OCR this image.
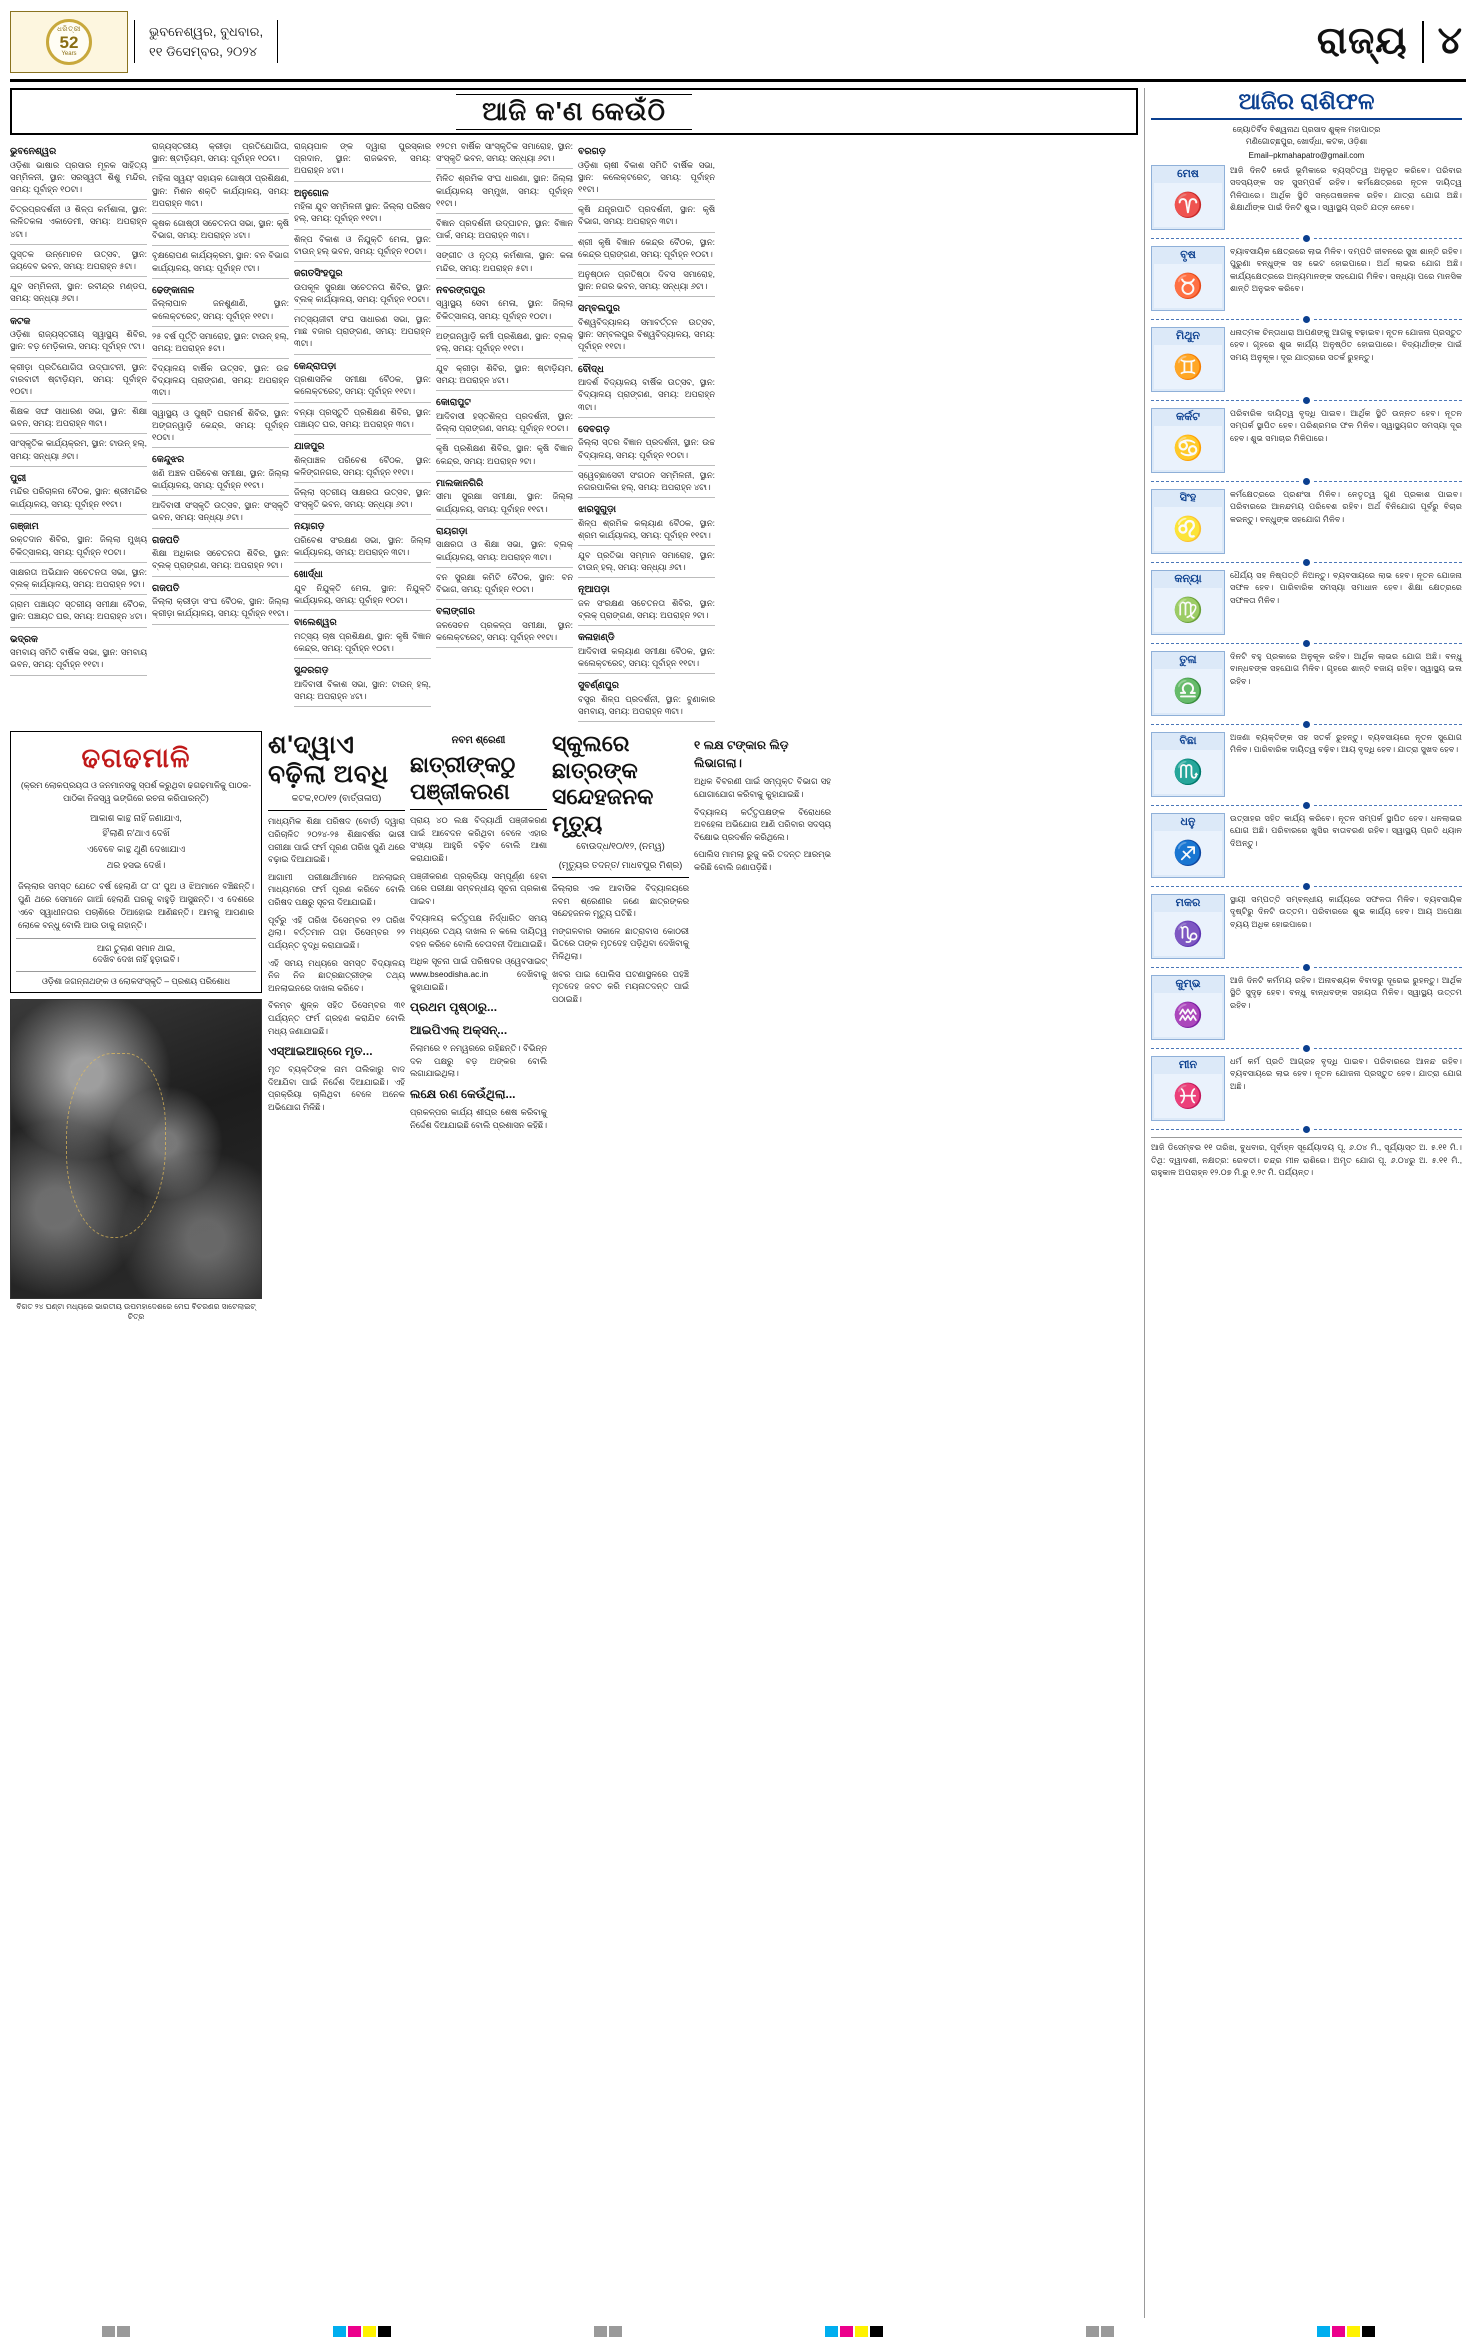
ଧରିତ୍ରୀ
52
Years
ଭୁବନେଶ୍ୱର, ବୁଧବାର,
୧୧ ଡିସେମ୍ବର, ୨୦୨୪	ରାଜ୍ୟ ୪
ଆଜି କ'ଣ କେଉଁଠି
ଭୁବନେଶ୍ୱର

ଓଡ଼ିଶା ଭାଷାର ପ୍ରସାର ମୂଳକ ସାହିତ୍ୟ ସମ୍ମିଳନୀ, ସ୍ଥାନ: ସରସ୍ୱତୀ ଶିଶୁ ମନ୍ଦିର, ସମୟ: ପୂର୍ବାହ୍ନ ୧୦ଟା।

ଚିତ୍ରପ୍ରଦର୍ଶନୀ ଓ ଶିଳ୍ପ କର୍ମଶାଳା, ସ୍ଥାନ: ଲଳିତକଳା ଏକାଡେମୀ, ସମୟ: ଅପରାହ୍ନ ୪ଟା।

ପୁସ୍ତକ ଉନ୍ମୋଚନ ଉତ୍ସବ, ସ୍ଥାନ: ଜୟଦେବ ଭବନ, ସମୟ: ଅପରାହ୍ନ ୫ଟା।

ଯୁବ ସମ୍ମିଳନୀ, ସ୍ଥାନ: ରବୀନ୍ଦ୍ର ମଣ୍ଡପ, ସମୟ: ସନ୍ଧ୍ୟା ୬ଟା।

କଟକ

ଓଡ଼ିଶା ରାଜ୍ୟସ୍ତରୀୟ ସ୍ୱାସ୍ଥ୍ୟ ଶିବିର, ସ୍ଥାନ: ବଡ଼ ମେଡ଼ିକାଲ, ସମୟ: ପୂର୍ବାହ୍ନ ୯ଟା।

କ୍ରୀଡ଼ା ପ୍ରତିଯୋଗିତା ଉଦ୍‌ଘାଟନୀ, ସ୍ଥାନ: ବାରବାଟୀ ଷ୍ଟାଡ଼ିୟମ, ସମୟ: ପୂର୍ବାହ୍ନ ୧୦ଟା।

ଶିକ୍ଷକ ସଙ୍ଘ ସାଧାରଣ ସଭା, ସ୍ଥାନ: ଶିକ୍ଷା ଭବନ, ସମୟ: ଅପରାହ୍ନ ୩ଟା।

ସାଂସ୍କୃତିକ କାର୍ଯ୍ୟକ୍ରମ, ସ୍ଥାନ: ଟାଉନ୍ ହଲ୍, ସମୟ: ସନ୍ଧ୍ୟା ୬ଟା।

ପୁରୀ

ମନ୍ଦିର ପରିଚାଳନା ବୈଠକ, ସ୍ଥାନ: ଶ୍ରୀମନ୍ଦିର କାର୍ଯ୍ୟାଳୟ, ସମୟ: ପୂର୍ବାହ୍ନ ୧୧ଟା।

ଗଞ୍ଜାମ

ରକ୍ତଦାନ ଶିବିର, ସ୍ଥାନ: ଜିଲ୍ଲା ମୁଖ୍ୟ ଚିକିତ୍ସାଳୟ, ସମୟ: ପୂର୍ବାହ୍ନ ୧୦ଟା।

ସାକ୍ଷରତା ଅଭିଯାନ ସଚେତନତା ସଭା, ସ୍ଥାନ: ବ୍ଲକ୍ କାର୍ଯ୍ୟାଳୟ, ସମୟ: ଅପରାହ୍ନ ୨ଟା।

ଗ୍ରାମ ପଞ୍ଚାୟତ ସ୍ତରୀୟ ସମୀକ୍ଷା ବୈଠକ, ସ୍ଥାନ: ପଞ୍ଚାୟତ ଘର, ସମୟ: ଅପରାହ୍ନ ୪ଟା।

ଭଦ୍ରକ

ସମବାୟ ସମିତି ବାର୍ଷିକ ସଭା, ସ୍ଥାନ: ସମବାୟ ଭବନ, ସମୟ: ପୂର୍ବାହ୍ନ ୧୧ଟା।

ରାଜ୍ୟସ୍ତରୀୟ କ୍ରୀଡ଼ା ପ୍ରତିଯୋଗିତା, ସ୍ଥାନ: ଷ୍ଟାଡ଼ିୟମ, ସମୟ: ପୂର୍ବାହ୍ନ ୧୦ଟା।

ମହିଳା ସ୍ୱୟଂ ସହାୟକ ଗୋଷ୍ଠୀ ପ୍ରଶିକ୍ଷଣ, ସ୍ଥାନ: ମିଶନ ଶକ୍ତି କାର୍ଯ୍ୟାଳୟ, ସମୟ: ଅପରାହ୍ନ ୩ଟା।

କୃଷକ ଗୋଷ୍ଠୀ ସଚେତନତା ସଭା, ସ୍ଥାନ: କୃଷି ବିଭାଗ, ସମୟ: ଅପରାହ୍ନ ୪ଟା।

ବୃକ୍ଷରୋପଣ କାର୍ଯ୍ୟକ୍ରମ, ସ୍ଥାନ: ବନ ବିଭାଗ କାର୍ଯ୍ୟାଳୟ, ସମୟ: ପୂର୍ବାହ୍ନ ୯ଟା।

ଢେଙ୍କାନାଳ

ଜିଲ୍ଲାପାଳ ଜନଶୁଣାଣି, ସ୍ଥାନ: କଲେକ୍ଟରେଟ୍, ସମୟ: ପୂର୍ବାହ୍ନ ୧୧ଟା।

୨୫ ବର୍ଷ ପୂର୍ତ୍ତି ସମାରୋହ, ସ୍ଥାନ: ଟାଉନ୍ ହଲ୍, ସମୟ: ଅପରାହ୍ନ ୫ଟା।

ବିଦ୍ୟାଳୟ ବାର୍ଷିକ ଉତ୍ସବ, ସ୍ଥାନ: ଉଚ୍ଚ ବିଦ୍ୟାଳୟ ପ୍ରାଙ୍ଗଣ, ସମୟ: ଅପରାହ୍ନ ୩ଟା।

ସ୍ୱାସ୍ଥ୍ୟ ଓ ପୁଷ୍ଟି ପରାମର୍ଶ ଶିବିର, ସ୍ଥାନ: ଅଙ୍ଗନୱାଡ଼ି କେନ୍ଦ୍ର, ସମୟ: ପୂର୍ବାହ୍ନ ୧୦ଟା।

କେନ୍ଦୁଝର

ଖଣି ଅଞ୍ଚଳ ପରିବେଶ ସମୀକ୍ଷା, ସ୍ଥାନ: ଜିଲ୍ଲା କାର୍ଯ୍ୟାଳୟ, ସମୟ: ପୂର୍ବାହ୍ନ ୧୧ଟା।

ଆଦିବାସୀ ସଂସ୍କୃତି ଉତ୍ସବ, ସ୍ଥାନ: ସଂସ୍କୃତି ଭବନ, ସମୟ: ସନ୍ଧ୍ୟା ୬ଟା।

ଗଜପତି

ଶିକ୍ଷା ଅଧିକାର ସଚେତନତା ଶିବିର, ସ୍ଥାନ: ବ୍ଲକ୍ ପ୍ରାଙ୍ଗଣ, ସମୟ: ଅପରାହ୍ନ ୨ଟା।

ଗଜପତି

ଜିଲ୍ଲା କ୍ରୀଡ଼ା ସଂଘ ବୈଠକ, ସ୍ଥାନ: ଜିଲ୍ଲା କ୍ରୀଡ଼ା କାର୍ଯ୍ୟାଳୟ, ସମୟ: ପୂର୍ବାହ୍ନ ୧୧ଟା।

ରାଜ୍ୟପାଳ ଙ୍କ ଦ୍ୱାରା ପୁରସ୍କାର ପ୍ରଦାନ, ସ୍ଥାନ: ରାଜଭବନ, ସମୟ: ଅପରାହ୍ନ ୪ଟା।

ଅନୁଗୋଳ

ମହିଳା ଯୁବ ସମ୍ମିଳନୀ ସ୍ଥାନ: ଜିଲ୍ଲା ପରିଷଦ ହଲ୍, ସମୟ: ପୂର୍ବାହ୍ନ ୧୧ଟା।

ଶିଳ୍ପ ବିକାଶ ଓ ନିଯୁକ୍ତି ମେଳା, ସ୍ଥାନ: ଟାଉନ୍ ହଲ୍ ଭବନ, ସମୟ: ପୂର୍ବାହ୍ନ ୧୦ଟା।

ଜଗତସିଂହପୁର

ଉପକୂଳ ସୁରକ୍ଷା ସଚେତନତା ଶିବିର, ସ୍ଥାନ: ବ୍ଲକ୍ କାର୍ଯ୍ୟାଳୟ, ସମୟ: ପୂର୍ବାହ୍ନ ୧୦ଟା।

ମତ୍ସ୍ୟଜୀବୀ ସଂଘ ସାଧାରଣ ସଭା, ସ୍ଥାନ: ମାଛ ବଜାର ପ୍ରାଙ୍ଗଣ, ସମୟ: ଅପରାହ୍ନ ୩ଟା।

କେନ୍ଦ୍ରାପଡ଼ା

ପ୍ରଶାସନିକ ସମୀକ୍ଷା ବୈଠକ, ସ୍ଥାନ: କଲେକ୍ଟରେଟ୍, ସମୟ: ପୂର୍ବାହ୍ନ ୧୧ଟା।

ବନ୍ୟା ପ୍ରସ୍ତୁତି ପ୍ରଶିକ୍ଷଣ ଶିବିର, ସ୍ଥାନ: ପଞ୍ଚାୟତ ଘର, ସମୟ: ଅପରାହ୍ନ ୩ଟା।

ଯାଜପୁର

ଶିଳ୍ପାଞ୍ଚଳ ପରିବେଶ ବୈଠକ, ସ୍ଥାନ: କଳିଙ୍ଗନଗର, ସମୟ: ପୂର୍ବାହ୍ନ ୧୧ଟା।

ଜିଲ୍ଲା ସ୍ତରୀୟ ସାକ୍ଷରତା ଉତ୍ସବ, ସ୍ଥାନ: ସଂସ୍କୃତି ଭବନ, ସମୟ: ସନ୍ଧ୍ୟା ୬ଟା।

ନୟାଗଡ଼

ପରିବେଶ ସଂରକ୍ଷଣ ସଭା, ସ୍ଥାନ: ଜିଲ୍ଲା କାର୍ଯ୍ୟାଳୟ, ସମୟ: ଅପରାହ୍ନ ୩ଟା।

ଖୋର୍ଦ୍ଧା

ଯୁବ ନିଯୁକ୍ତି ମେଳା, ସ୍ଥାନ: ନିଯୁକ୍ତି କାର୍ଯ୍ୟାଳୟ, ସମୟ: ପୂର୍ବାହ୍ନ ୧୦ଟା।

ବାଲେଶ୍ୱର

ମତ୍ସ୍ୟ ଚାଷ ପ୍ରଶିକ୍ଷଣ, ସ୍ଥାନ: କୃଷି ବିଜ୍ଞାନ କେନ୍ଦ୍ର, ସମୟ: ପୂର୍ବାହ୍ନ ୧୦ଟା।

ସୁନ୍ଦରଗଡ଼

ଆଦିବାସୀ ବିକାଶ ସଭା, ସ୍ଥାନ: ଟାଉନ୍ ହଲ୍, ସମୟ: ଅପରାହ୍ନ ୪ଟା।

୧୨ତମ ବାର୍ଷିକ ସାଂସ୍କୃତିକ ସମାରୋହ, ସ୍ଥାନ: ସଂସ୍କୃତି ଭବନ, ସମୟ: ସନ୍ଧ୍ୟା ୬ଟା।

ମିଳିତ ଶ୍ରମିକ ସଂଘ ଧାରଣା, ସ୍ଥାନ: ଜିଲ୍ଲା କାର୍ଯ୍ୟାଳୟ ସମ୍ମୁଖ, ସମୟ: ପୂର୍ବାହ୍ନ ୧୧ଟା।

ବିଜ୍ଞାନ ପ୍ରଦର୍ଶନୀ ଉଦ୍‌ଘାଟନ, ସ୍ଥାନ: ବିଜ୍ଞାନ ପାର୍କ, ସମୟ: ଅପରାହ୍ନ ୩ଟା।

ସଙ୍ଗୀତ ଓ ନୃତ୍ୟ କର୍ମଶାଳା, ସ୍ଥାନ: କଳା ମନ୍ଦିର, ସମୟ: ଅପରାହ୍ନ ୫ଟା।

ନବରଙ୍ଗପୁର

ସ୍ୱାସ୍ଥ୍ୟ ସେବା ମେଳା, ସ୍ଥାନ: ଜିଲ୍ଲା ଚିକିତ୍ସାଳୟ, ସମୟ: ପୂର୍ବାହ୍ନ ୧୦ଟା।

ଅଙ୍ଗନୱାଡ଼ି କର୍ମୀ ପ୍ରଶିକ୍ଷଣ, ସ୍ଥାନ: ବ୍ଲକ୍ ହଲ୍, ସମୟ: ପୂର୍ବାହ୍ନ ୧୧ଟା।

ଯୁବ କ୍ରୀଡ଼ା ଶିବିର, ସ୍ଥାନ: ଷ୍ଟାଡ଼ିୟମ, ସମୟ: ଅପରାହ୍ନ ୪ଟା।

କୋରାପୁଟ

ଆଦିବାସୀ ହସ୍ତଶିଳ୍ପ ପ୍ରଦର୍ଶନୀ, ସ୍ଥାନ: ଜିଲ୍ଲା ପ୍ରାଙ୍ଗଣ, ସମୟ: ପୂର୍ବାହ୍ନ ୧୦ଟା।

କୃଷି ପ୍ରଶିକ୍ଷଣ ଶିବିର, ସ୍ଥାନ: କୃଷି ବିଜ୍ଞାନ କେନ୍ଦ୍ର, ସମୟ: ଅପରାହ୍ନ ୨ଟା।

ମାଲକାନଗିରି

ସୀମା ସୁରକ୍ଷା ସମୀକ୍ଷା, ସ୍ଥାନ: ଜିଲ୍ଲା କାର୍ଯ୍ୟାଳୟ, ସମୟ: ପୂର୍ବାହ୍ନ ୧୧ଟା।

ରାୟଗଡ଼ା

ସାକ୍ଷରତା ଓ ଶିକ୍ଷା ସଭା, ସ୍ଥାନ: ବ୍ଲକ୍ କାର୍ଯ୍ୟାଳୟ, ସମୟ: ଅପରାହ୍ନ ୩ଟା।

ବନ ସୁରକ୍ଷା କମିଟି ବୈଠକ, ସ୍ଥାନ: ବନ ବିଭାଗ, ସମୟ: ପୂର୍ବାହ୍ନ ୧୦ଟା।

ବଲାଙ୍ଗୀର

ଜଳସେଚନ ପ୍ରକଳ୍ପ ସମୀକ୍ଷା, ସ୍ଥାନ: କଲେକ୍ଟରେଟ୍, ସମୟ: ପୂର୍ବାହ୍ନ ୧୧ଟା।

ବରଗଡ଼

ଓଡ଼ିଶା ଚାଷୀ ବିକାଶ ସମିତି ବାର୍ଷିକ ସଭା, ସ୍ଥାନ: କଲେକ୍ଟରେଟ୍, ସମୟ: ପୂର୍ବାହ୍ନ ୧୧ଟା।

କୃଷି ଯନ୍ତ୍ରପାତି ପ୍ରଦର୍ଶନୀ, ସ୍ଥାନ: କୃଷି ବିଭାଗ, ସମୟ: ଅପରାହ୍ନ ୩ଟା।

ଶ୍ରୀ କୃଷି ବିଜ୍ଞାନ କେନ୍ଦ୍ର ବୈଠକ, ସ୍ଥାନ: କେନ୍ଦ୍ର ପ୍ରାଙ୍ଗଣ, ସମୟ: ପୂର୍ବାହ୍ନ ୧୦ଟା।

ଅନୁଷ୍ଠାନ ପ୍ରତିଷ୍ଠା ଦିବସ ସମାରୋହ, ସ୍ଥାନ: ନଗର ଭବନ, ସମୟ: ସନ୍ଧ୍ୟା ୬ଟା।

ସମ୍ବଲପୁର

ବିଶ୍ୱବିଦ୍ୟାଳୟ ସମାବର୍ତ୍ତନ ଉତ୍ସବ, ସ୍ଥାନ: ସମ୍ବଲପୁର ବିଶ୍ୱବିଦ୍ୟାଳୟ, ସମୟ: ପୂର୍ବାହ୍ନ ୧୧ଟା।

ବୌଦ୍ଧ

ଆଦର୍ଶ ବିଦ୍ୟାଳୟ ବାର୍ଷିକ ଉତ୍ସବ, ସ୍ଥାନ: ବିଦ୍ୟାଳୟ ପ୍ରାଙ୍ଗଣ, ସମୟ: ଅପରାହ୍ନ ୩ଟା।

ଦେବଗଡ଼

ଜିଲ୍ଲା ସ୍ତର ବିଜ୍ଞାନ ପ୍ରଦର୍ଶନୀ, ସ୍ଥାନ: ଉଚ୍ଚ ବିଦ୍ୟାଳୟ, ସମୟ: ପୂର୍ବାହ୍ନ ୧୦ଟା।

ସ୍ୱେଚ୍ଛାସେବୀ ସଂଗଠନ ସମ୍ମିଳନୀ, ସ୍ଥାନ: ନଗରପାଳିକା ହଲ୍, ସମୟ: ଅପରାହ୍ନ ୪ଟା।

ଝାରସୁଗୁଡ଼ା

ଶିଳ୍ପ ଶ୍ରମିକ କଲ୍ୟାଣ ବୈଠକ, ସ୍ଥାନ: ଶ୍ରମ କାର୍ଯ୍ୟାଳୟ, ସମୟ: ପୂର୍ବାହ୍ନ ୧୧ଟା।

ଯୁବ ପ୍ରତିଭା ସମ୍ମାନ ସମାରୋହ, ସ୍ଥାନ: ଟାଉନ୍ ହଲ୍, ସମୟ: ସନ୍ଧ୍ୟା ୬ଟା।

ନୂଆପଡ଼ା

ଜଳ ସଂରକ୍ଷଣ ସଚେତନତା ଶିବିର, ସ୍ଥାନ: ବ୍ଲକ୍ ପ୍ରାଙ୍ଗଣ, ସମୟ: ଅପରାହ୍ନ ୨ଟା।

କଳାହାଣ୍ଡି

ଆଦିବାସୀ କଲ୍ୟାଣ ସମୀକ୍ଷା ବୈଠକ, ସ୍ଥାନ: କଲେକ୍ଟରେଟ୍, ସମୟ: ପୂର୍ବାହ୍ନ ୧୧ଟା।

ସୁବର୍ଣ୍ଣପୁର

ବସ୍ତ୍ର ଶିଳ୍ପ ପ୍ରଦର୍ଶନୀ, ସ୍ଥାନ: ବୁଣାକାର ସମବାୟ, ସମୟ: ଅପରାହ୍ନ ୩ଟା।

ଢଗଢମାଳି
(କ୍ରମ ଲୋକପ୍ରୟତା ଓ ଜନମାନସକୁ ସ୍ପର୍ଶ କରୁଥିବା ଢଗଢମାଳିକୁ ପାଠକ-ପାଠିକା ନିଜସ୍ୱ ଭଙ୍ଗିରେ ରଚନା କରିପାରନ୍ତି)
ଆକାଶ କାନ୍ଥ ନାହିଁ ଜଣାଯାଏ,
ହିଁ'ଲାଣି ନ'ଥାଏ ଦେଖିଁ
ଏବେବେ କାନ୍ଥ ଥୁଣି ଦେଖାଯାଏ
ଥର ହସଇ ଦେଖଁ।
ଜିଲ୍ଲାର ସମସ୍ତ ଯେତେ ବର୍ଷ ହେଲାଣି ତା' ତା' ପୁଅ ଓ ଝିଅମାନେ ବଞ୍ଚିଛନ୍ତି। ପୁଣି ଥରେ ସେମାନେ ଗାଆଁ ହେଲାଣି ଘରକୁ ବାହୁଡ଼ି ଆସୁଛନ୍ତି। ଏ ଦେଶରେ ଏବେ ସ୍ୱାଧୀନତାର ପଚାଶିରେ ଠିଆହୋଇ ଆଣିଛନ୍ତି। ଆମକୁ ଆପଣାର ଲୋକେ ବନ୍ଧୁ ବୋଲି ଆଉ ଡାକୁ ନାହାନ୍ତି।
ଆଗ ତୁଲାଣ ସମାନ ଥାଇ,
ଦେଖିବ ଦେଖ ନାହିଁ ହୁଡ଼ାଇବି।
ଓଡ଼ିଶା ଜଗନ୍ନାଥଙ୍କ ଓ ଲୋକସଂସ୍କୃତି – ପ୍ରଶୟ ପରିଶୋଧ
ବିଗତ ୨୪ ଘଣ୍ଟା ମଧ୍ୟରେ ଭାରତୀୟ ଉପମହାଦେଶରେ ମେଘ ବିଚରଣର ସାଟେଲାଇଟ୍ ଚିତ୍ର
ଶ'ଦ୍ୱାଏ ବଢ଼ିଲା ଅବଧି
କଟକ,୧୦/୧୨ (ବାର୍ତ୍ତାଳାପ)

ମାଧ୍ୟମିକ ଶିକ୍ଷା ପରିଷଦ (ବୋର୍ଡ) ଦ୍ୱାରା ପରିଚାଳିତ ୨୦୨୪-୨୫ ଶିକ୍ଷାବର୍ଷର ଭାରୀ ପରୀକ୍ଷା ପାଇଁ ଫର୍ମ ପୂରଣ ତାରିଖ ପୁଣି ଥରେ ବଢ଼ାଇ ଦିଆଯାଇଛି।

ଆଗାମୀ ପରୀକ୍ଷାର୍ଥୀମାନେ ଅନଲାଇନ୍ ମାଧ୍ୟମରେ ଫର୍ମ ପୂରଣ କରିବେ ବୋଲି ପରିଷଦ ପକ୍ଷରୁ ସୂଚନା ଦିଆଯାଇଛି।

ପୂର୍ବରୁ ଏହି ତାରିଖ ଡିସେମ୍ବର ୧୨ ତାରିଖ ଥିଲା। ବର୍ତ୍ତମାନ ତାହା ଡିସେମ୍ବର ୨୨ ପର୍ଯ୍ୟନ୍ତ ବୃଦ୍ଧି କରାଯାଇଛି।

ଏହି ସମୟ ମଧ୍ୟରେ ସମସ୍ତ ବିଦ୍ୟାଳୟ ନିଜ ନିଜ ଛାତ୍ରଛାତ୍ରୀଙ୍କ ତଥ୍ୟ ଅନଲାଇନରେ ଦାଖଲ କରିବେ।

ବିଳମ୍ବ ଶୁଳ୍କ ସହିତ ଡିସେମ୍ବର ୩୧ ପର୍ଯ୍ୟନ୍ତ ଫର୍ମ ଗ୍ରହଣ କରାଯିବ ବୋଲି ମଧ୍ୟ ଜଣାଯାଇଛି।

ଏସ୍‌ଆଇଆର୍‌ରେ ମୃତ...

ମୃତ ବ୍ୟକ୍ତିଙ୍କ ନାମ ତାଲିକାରୁ ବାଦ ଦିଆଯିବା ପାଇଁ ନିର୍ଦ୍ଦେଶ ଦିଆଯାଇଛି। ଏହି ପ୍ରକ୍ରିୟା ଚାଲିଥିବା ବେଳେ ଅନେକ ଅଭିଯୋଗ ମିଳିଛି।

ନବମ ଶ୍ରେଣୀ
ଛାତ୍ରୀଙ୍କଠୁ ପଞ୍ଜୀକରଣ

ପ୍ରାୟ ୪୦ ଲକ୍ଷ ବିଦ୍ୟାର୍ଥୀ ପଞ୍ଜୀକରଣ ପାଇଁ ଆବେଦନ କରିଥିବା ବେଳେ ଏହାର ସଂଖ୍ୟା ଆହୁରି ବଢ଼ିବ ବୋଲି ଆଶା କରାଯାଉଛି।

ପଞ୍ଜୀକରଣ ପ୍ରକ୍ରିୟା ସମ୍ପୂର୍ଣ୍ଣ ହେବା ପରେ ପରୀକ୍ଷା ସମ୍ବନ୍ଧୀୟ ସୂଚନା ପ୍ରକାଶ ପାଇବ।

ବିଦ୍ୟାଳୟ କର୍ତ୍ତୃପକ୍ଷ ନିର୍ଦ୍ଧାରିତ ସମୟ ମଧ୍ୟରେ ତଥ୍ୟ ଦାଖଲ ନ କଲେ ଦାୟିତ୍ୱ ବହନ କରିବେ ବୋଲି ଚେତାବନୀ ଦିଆଯାଇଛି।

ଅଧିକ ସୂଚନା ପାଇଁ ପରିଷଦର ଓ୍ୱେବସାଇଟ୍ www.bseodisha.ac.in ଦେଖିବାକୁ କୁହାଯାଇଛି।

ପ୍ରଥମ ପୃଷ୍ଠାରୁ...
ଆଇପିଏଲ୍‌ ଅକ୍ସନ୍...

ନିଲାମରେ ୧ ନମ୍ୱରରେ ରହିଛନ୍ତି। ବିଭିନ୍ନ ଦଳ ପକ୍ଷରୁ ବଡ଼ ଅଙ୍କର ବୋଲି ଲଗାଯାଇଥିଲା।

ଲକ୍ଷେ ରଣ କେଉଁଥିଲା...

ପ୍ରକଳ୍ପର କାର୍ଯ୍ୟ ଶୀଘ୍ର ଶେଷ କରିବାକୁ ନିର୍ଦ୍ଦେଶ ଦିଆଯାଇଛି ବୋଲି ପ୍ରଶାସନ କହିଛି।

ସ୍କୁଲରେ ଛାତ୍ରଙ୍କ ସନ୍ଦେହଜନକ ମୃତ୍ୟୁ
ବୋଉଦ୍ଧ/୧୦/୧୨, (ନମ୍ୱ)
(ମୃତ୍ୟୁର ତଦନ୍ତ/ ମାଧବପୁର ମିଶ୍ର)

ଜିଲ୍ଲାର ଏକ ଆବାସିକ ବିଦ୍ୟାଳୟରେ ନବମ ଶ୍ରେଣୀର ଜଣେ ଛାତ୍ରଙ୍କର ସନ୍ଦେହଜନକ ମୃତ୍ୟୁ ଘଟିଛି।

ମଙ୍ଗଳବାର ସକାଳେ ଛାତ୍ରାବାସ କୋଠରୀ ଭିତରେ ତାଙ୍କ ମୃତଦେହ ପଡ଼ିଥିବା ଦେଖିବାକୁ ମିଳିଥିଲା।

ଖବର ପାଇ ପୋଲିସ ଘଟଣାସ୍ଥଳରେ ପହଞ୍ଚି ମୃତଦେହ ଜବତ କରି ମୟନାତଦନ୍ତ ପାଇଁ ପଠାଇଛି।

୧ ଲକ୍ଷ ଟଙ୍କାର ଲିଡ଼ ଲିଭାଗଲା।

ଅଧିକ ବିବରଣୀ ପାଇଁ ସମ୍ପୃକ୍ତ ବିଭାଗ ସହ ଯୋଗାଯୋଗ କରିବାକୁ କୁହାଯାଇଛି।

ବିଦ୍ୟାଳୟ କର୍ତ୍ତୃପକ୍ଷଙ୍କ ବିରୋଧରେ ଅବହେଳା ଅଭିଯୋଗ ଆଣି ପରିବାର ସଦସ୍ୟ ବିକ୍ଷୋଭ ପ୍ରଦର୍ଶନ କରିଥିଲେ।

ପୋଲିସ ମାମଲା ରୁଜୁ କରି ତଦନ୍ତ ଆରମ୍ଭ କରିଛି ବୋଲି ଜଣାପଡ଼ିଛି।

ଆଜିର ରାଶିଫଳ
ଜ୍ୟୋତିର୍ବିଦ ବିଶ୍ୱନାଥ ପ୍ରସାଦ ଶୁକ୍ଳ ମହାପାତ୍ର
ମଣିଗୋଚ୍ଛପୁର, ଖୋର୍ଦ୍ଧା, କଟକ, ଓଡ଼ିଶା
Email–pkmahapatro@gmail.com
ମେଷ
♈
ଆଜି ଦିନଟି କେଉଁ ଭୂମିକାରେ ବ୍ୟସ୍ତିତ୍ୱ ଅନୁଭୂତ କରିବେ। ପରିବାର ସଦସ୍ୟଙ୍କ ସହ ସୁସମ୍ପର୍କ ରହିବ। କର୍ମକ୍ଷେତ୍ରରେ ନୂତନ ଦାୟିତ୍ୱ ମିଳିପାରେ। ଆର୍ଥିକ ସ୍ଥିତି ସନ୍ତୋଷଜନକ ରହିବ। ଯାତ୍ରା ଯୋଗ ଅଛି। ଶିକ୍ଷାର୍ଥୀଙ୍କ ପାଇଁ ଦିନଟି ଶୁଭ। ସ୍ୱାସ୍ଥ୍ୟ ପ୍ରତି ଯତ୍ନ ନେବେ।
ବୃଷ
♉
ବ୍ୟାବସାୟିକ କ୍ଷେତ୍ରରେ ଲାଭ ମିଳିବ। ଦମ୍ପତି ଜୀବନରେ ସୁଖ ଶାନ୍ତି ରହିବ। ପୁରୁଣା ବନ୍ଧୁଙ୍କ ସହ ଭେଟ ହୋଇପାରେ। ଅର୍ଥ ଲାଭର ଯୋଗ ଅଛି। କାର୍ଯ୍ୟକ୍ଷେତ୍ରରେ ଅନ୍ୟମାନଙ୍କ ସହଯୋଗ ମିଳିବ। ସନ୍ଧ୍ୟା ପରେ ମାନସିକ ଶାନ୍ତି ଅନୁଭବ କରିବେ।
ମିଥୁନ
♊
ଧନାତ୍ମକ ଚିନ୍ତାଧାରା ଆପଣଙ୍କୁ ଆଗକୁ ବଢ଼ାଇବ। ନୂତନ ଯୋଜନା ପ୍ରସ୍ତୁତ ହେବ। ଗୃହରେ ଶୁଭ କାର୍ଯ୍ୟ ଅନୁଷ୍ଠିତ ହୋଇପାରେ। ବିଦ୍ୟାର୍ଥୀଙ୍କ ପାଇଁ ସମୟ ଅନୁକୂଳ। ଦୂର ଯାତ୍ରାରେ ସତର୍କ ରୁହନ୍ତୁ।
କର୍କଟ
♋
ପରିବାରିକ ଦାୟିତ୍ୱ ବୃଦ୍ଧି ପାଇବ। ଆର୍ଥିକ ସ୍ଥିତି ଉନ୍ନତ ହେବ। ନୂତନ ସମ୍ପର୍କ ସ୍ଥାପିତ ହେବ। ପରିଶ୍ରମର ଫଳ ମିଳିବ। ସ୍ୱାସ୍ଥ୍ୟଗତ ସମସ୍ୟା ଦୂର ହେବ। ଶୁଭ ସମାଚାର ମିଳିପାରେ।
ସିଂହ
♌
କର୍ମକ୍ଷେତ୍ରରେ ପ୍ରଶଂସା ମିଳିବ। ନେତୃତ୍ୱ ଗୁଣ ପ୍ରକାଶ ପାଇବ। ପରିବାରରେ ଆନନ୍ଦମୟ ପରିବେଶ ରହିବ। ଅର୍ଥ ବିନିଯୋଗ ପୂର୍ବରୁ ବିଚାର କରନ୍ତୁ। ବନ୍ଧୁଙ୍କ ସହଯୋଗ ମିଳିବ।
କନ୍ୟା
♍
ଧୈର୍ଯ୍ୟ ସହ ନିଷ୍ପତ୍ତି ନିଅନ୍ତୁ। ବ୍ୟବସାୟରେ ଲାଭ ହେବ। ନୂତନ ଯୋଜନା ସଫଳ ହେବ। ପାରିବାରିକ ସମସ୍ୟା ସମାଧାନ ହେବ। ଶିକ୍ଷା କ୍ଷେତ୍ରରେ ସଫଳତା ମିଳିବ।
ତୁଳା
♎
ଦିନଟି ବହୁ ପ୍ରକାରେ ଅନୁକୂଳ ରହିବ। ଆର୍ଥିକ ଲାଭର ଯୋଗ ଅଛି। ବନ୍ଧୁ ବାନ୍ଧବଙ୍କ ସହଯୋଗ ମିଳିବ। ଗୃହରେ ଶାନ୍ତି ବଜାୟ ରହିବ। ସ୍ୱାସ୍ଥ୍ୟ ଭଲ ରହିବ।
ବିଛା
♏
ଅଜଣା ବ୍ୟକ୍ତିଙ୍କ ସହ ସତର୍କ ରୁହନ୍ତୁ। ବ୍ୟବସାୟରେ ନୂତନ ସୁଯୋଗ ମିଳିବ। ପାରିବାରିକ ଦାୟିତ୍ୱ ବଢ଼ିବ। ଆୟ ବୃଦ୍ଧି ହେବ। ଯାତ୍ରା ସୁଖଦ ହେବ।
ଧନୁ
♐
ଉତ୍ସାହର ସହିତ କାର୍ଯ୍ୟ କରିବେ। ନୂତନ ସମ୍ପର୍କ ସ୍ଥାପିତ ହେବ। ଧନଲାଭର ଯୋଗ ଅଛି। ପରିବାରରେ ଖୁସିର ବାତାବରଣ ରହିବ। ସ୍ୱାସ୍ଥ୍ୟ ପ୍ରତି ଧ୍ୟାନ ଦିଅନ୍ତୁ।
ମକର
♑
ସ୍ଥାୟୀ ସମ୍ପତ୍ତି ସମ୍ବନ୍ଧୀୟ କାର୍ଯ୍ୟରେ ସଫଳତା ମିଳିବ। ବ୍ୟବସାୟିକ ଦୃଷ୍ଟିରୁ ଦିନଟି ଉତ୍ତମ। ପରିବାରରେ ଶୁଭ କାର୍ଯ୍ୟ ହେବ। ଆୟ ଅପେକ୍ଷା ବ୍ୟୟ ଅଧିକ ହୋଇପାରେ।
କୁମ୍ଭ
♒
ଆଜି ଦିନଟି କର୍ମମୟ ରହିବ। ଅନାବଶ୍ୟକ ବିବାଦରୁ ଦୂରେଇ ରୁହନ୍ତୁ। ଆର୍ଥିକ ସ୍ଥିତି ସୁଦୃଢ଼ ହେବ। ବନ୍ଧୁ ବାନ୍ଧବଙ୍କ ସହାୟତା ମିଳିବ। ସ୍ୱାସ୍ଥ୍ୟ ଉତ୍ତମ ରହିବ।
ମୀନ
♓
ଧର୍ମ କର୍ମ ପ୍ରତି ଆଗ୍ରହ ବୃଦ୍ଧି ପାଇବ। ପରିବାରରେ ଆନନ୍ଦ ରହିବ। ବ୍ୟବସାୟରେ ଲାଭ ହେବ। ନୂତନ ଯୋଜନା ପ୍ରସ୍ତୁତ ହେବ। ଯାତ୍ରା ଯୋଗ ଅଛି।
ଆଜି ଡିସେମ୍ବର ୧୧ ତାରିଖ, ବୁଧବାର, ପୂର୍ବାହ୍ନ ସୂର୍ଯ୍ୟୋଦୟ ପୂ. ୬.୦୪ ମି., ସୂର୍ଯ୍ୟାସ୍ତ ଅ. ୫.୧୧ ମି.। ତିଥି: ଦ୍ୱାଦଶୀ, ନକ୍ଷତ୍ର: ରେବତୀ। ଚନ୍ଦ୍ର ମୀନ ରାଶିରେ। ଅମୃତ ଯୋଗ ପୂ. ୬.୦୪ରୁ ଅ. ୫.୧୧ ମି., ରାହୁକାଳ ଅପରାହ୍ନ ୧୨.୦୭ ମି.ରୁ ୧.୨୯ ମି. ପର୍ଯ୍ୟନ୍ତ।
